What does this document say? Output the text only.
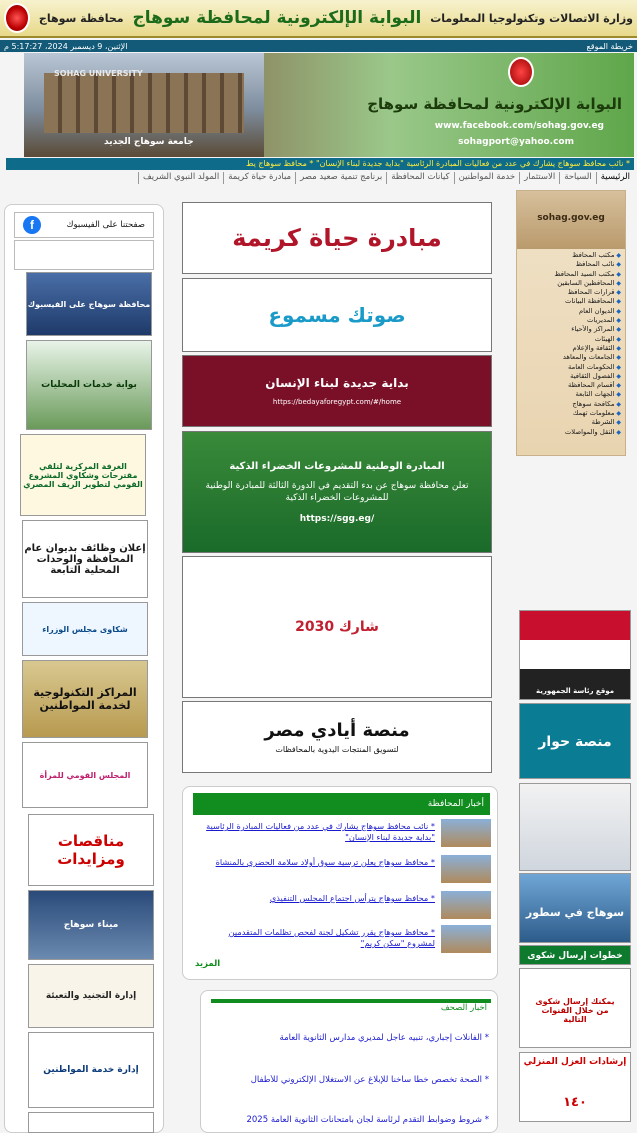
وزارة الاتصالات وتكنولوجيا المعلومات
البوابة الإلكترونية لمحافظة سوهاج
محافظة سوهاج
خريطة الموقع
الإثنين، 9 ديسمبر 2024، 5:17:27 م
SOHAG UNIVERSITY
جامعة سوهاج الجديد
البوابة الإلكترونية لمحافظة سوهاج
www.facebook.com/sohag.gov.eg
sohagport@yahoo.com
* نائب محافظ سوهاج يشارك في عدد من فعاليات المبادرة الرئاسية "بداية جديدة لبناء الإنسان" * محافظ سوهاج يط
الرئيسية
السياحة
الاستثمار
خدمة المواطنين
كيانات المحافظة
برنامج تنمية صعيد مصر
مبادرة حياة كريمة
المولد النبوي الشريف
sohag.gov.eg
◆ مكتب المحافظ
◆ نائب المحافظ
◆ مكتب السيد المحافظ
◆ المحافظين السابقين
◆ قرارات المحافظ
◆ المحافظة البيانات
◆ الديوان العام
◆ المديريات
◆ المراكز والأحياء
◆ الهيئات
◆ الثقافة والإعلام
◆ الجامعات والمعاهد
◆ الحكومات العامة
◆ الفصول الثقافية
◆ أقسام المحافظة
◆ الجهات التابعة
◆ مكافحة سوهاج
◆ معلومات تهمك
◆ الشرطة
◆ النقل والمواصلات
موقع رئاسة الجمهورية
منصة حوار
سوهاج في سطور
خطوات إرسال شكوى
يمكنك إرسال شكوى من خلال القنوات التالية
إرشادات العزل المنزلي
١٤٠
صفحتنا على الفيسبوك
f
محافظة سوهاج على الفيسبوك
بوابة خدمات المحليات
الغرفة المركزية لتلقي مقترحات وشكاوي المشروع القومي لتطوير الريف المصري
إعلان وظائف بديوان عام المحافظة والوحدات المحلية التابعة
شكاوى مجلس الوزراء
المراكز التكنولوجية لخدمة المواطنين
المجلس القومي للمرأة
مناقصات ومزايدات
ميناء سوهاج
إدارة التجنيد والتعبئة
إدارة خدمة المواطنين
مبادرة حياة كريمة
صوتك مسموع
بداية جديدة لبناء الإنسان
https://bedayaforegypt.com/#/home
المبادرة الوطنية للمشروعات الخضراء الذكية
تعلن محافظة سوهاج عن بدء التقديم في الدورة الثالثة للمبادرة الوطنية للمشروعات الخضراء الذكية
https://sgg.eg/
شارك 2030
منصة أيادي مصر
لتسويق المنتجات اليدوية بالمحافظات
أخبار المحافظة
* نائب محافظ سوهاج يشارك في عدد من فعاليات المبادرة الرئاسية "بداية جديدة لبناء الإنسان"
* محافظ سوهاج يعلن ترسية سوق أولاد سلامة الحضري بالمنشاة
* محافظ سوهاج يترأس اجتماع المجلس التنفيذي
* محافظ سوهاج يقرر تشكيل لجنة لفحص تظلمات المتقدمين لمشروع "سكن كريم"
المزيد
أخبار الصحف
* الفانلات إجباري، تنبيه عاجل لمديري مدارس الثانوية العامة
* الصحة تخصص خطا ساخنا للإبلاغ عن الاستغلال الإلكتروني للأطفال
* شروط وضوابط التقدم لرئاسة لجان بامتحانات الثانوية العامة 2025
